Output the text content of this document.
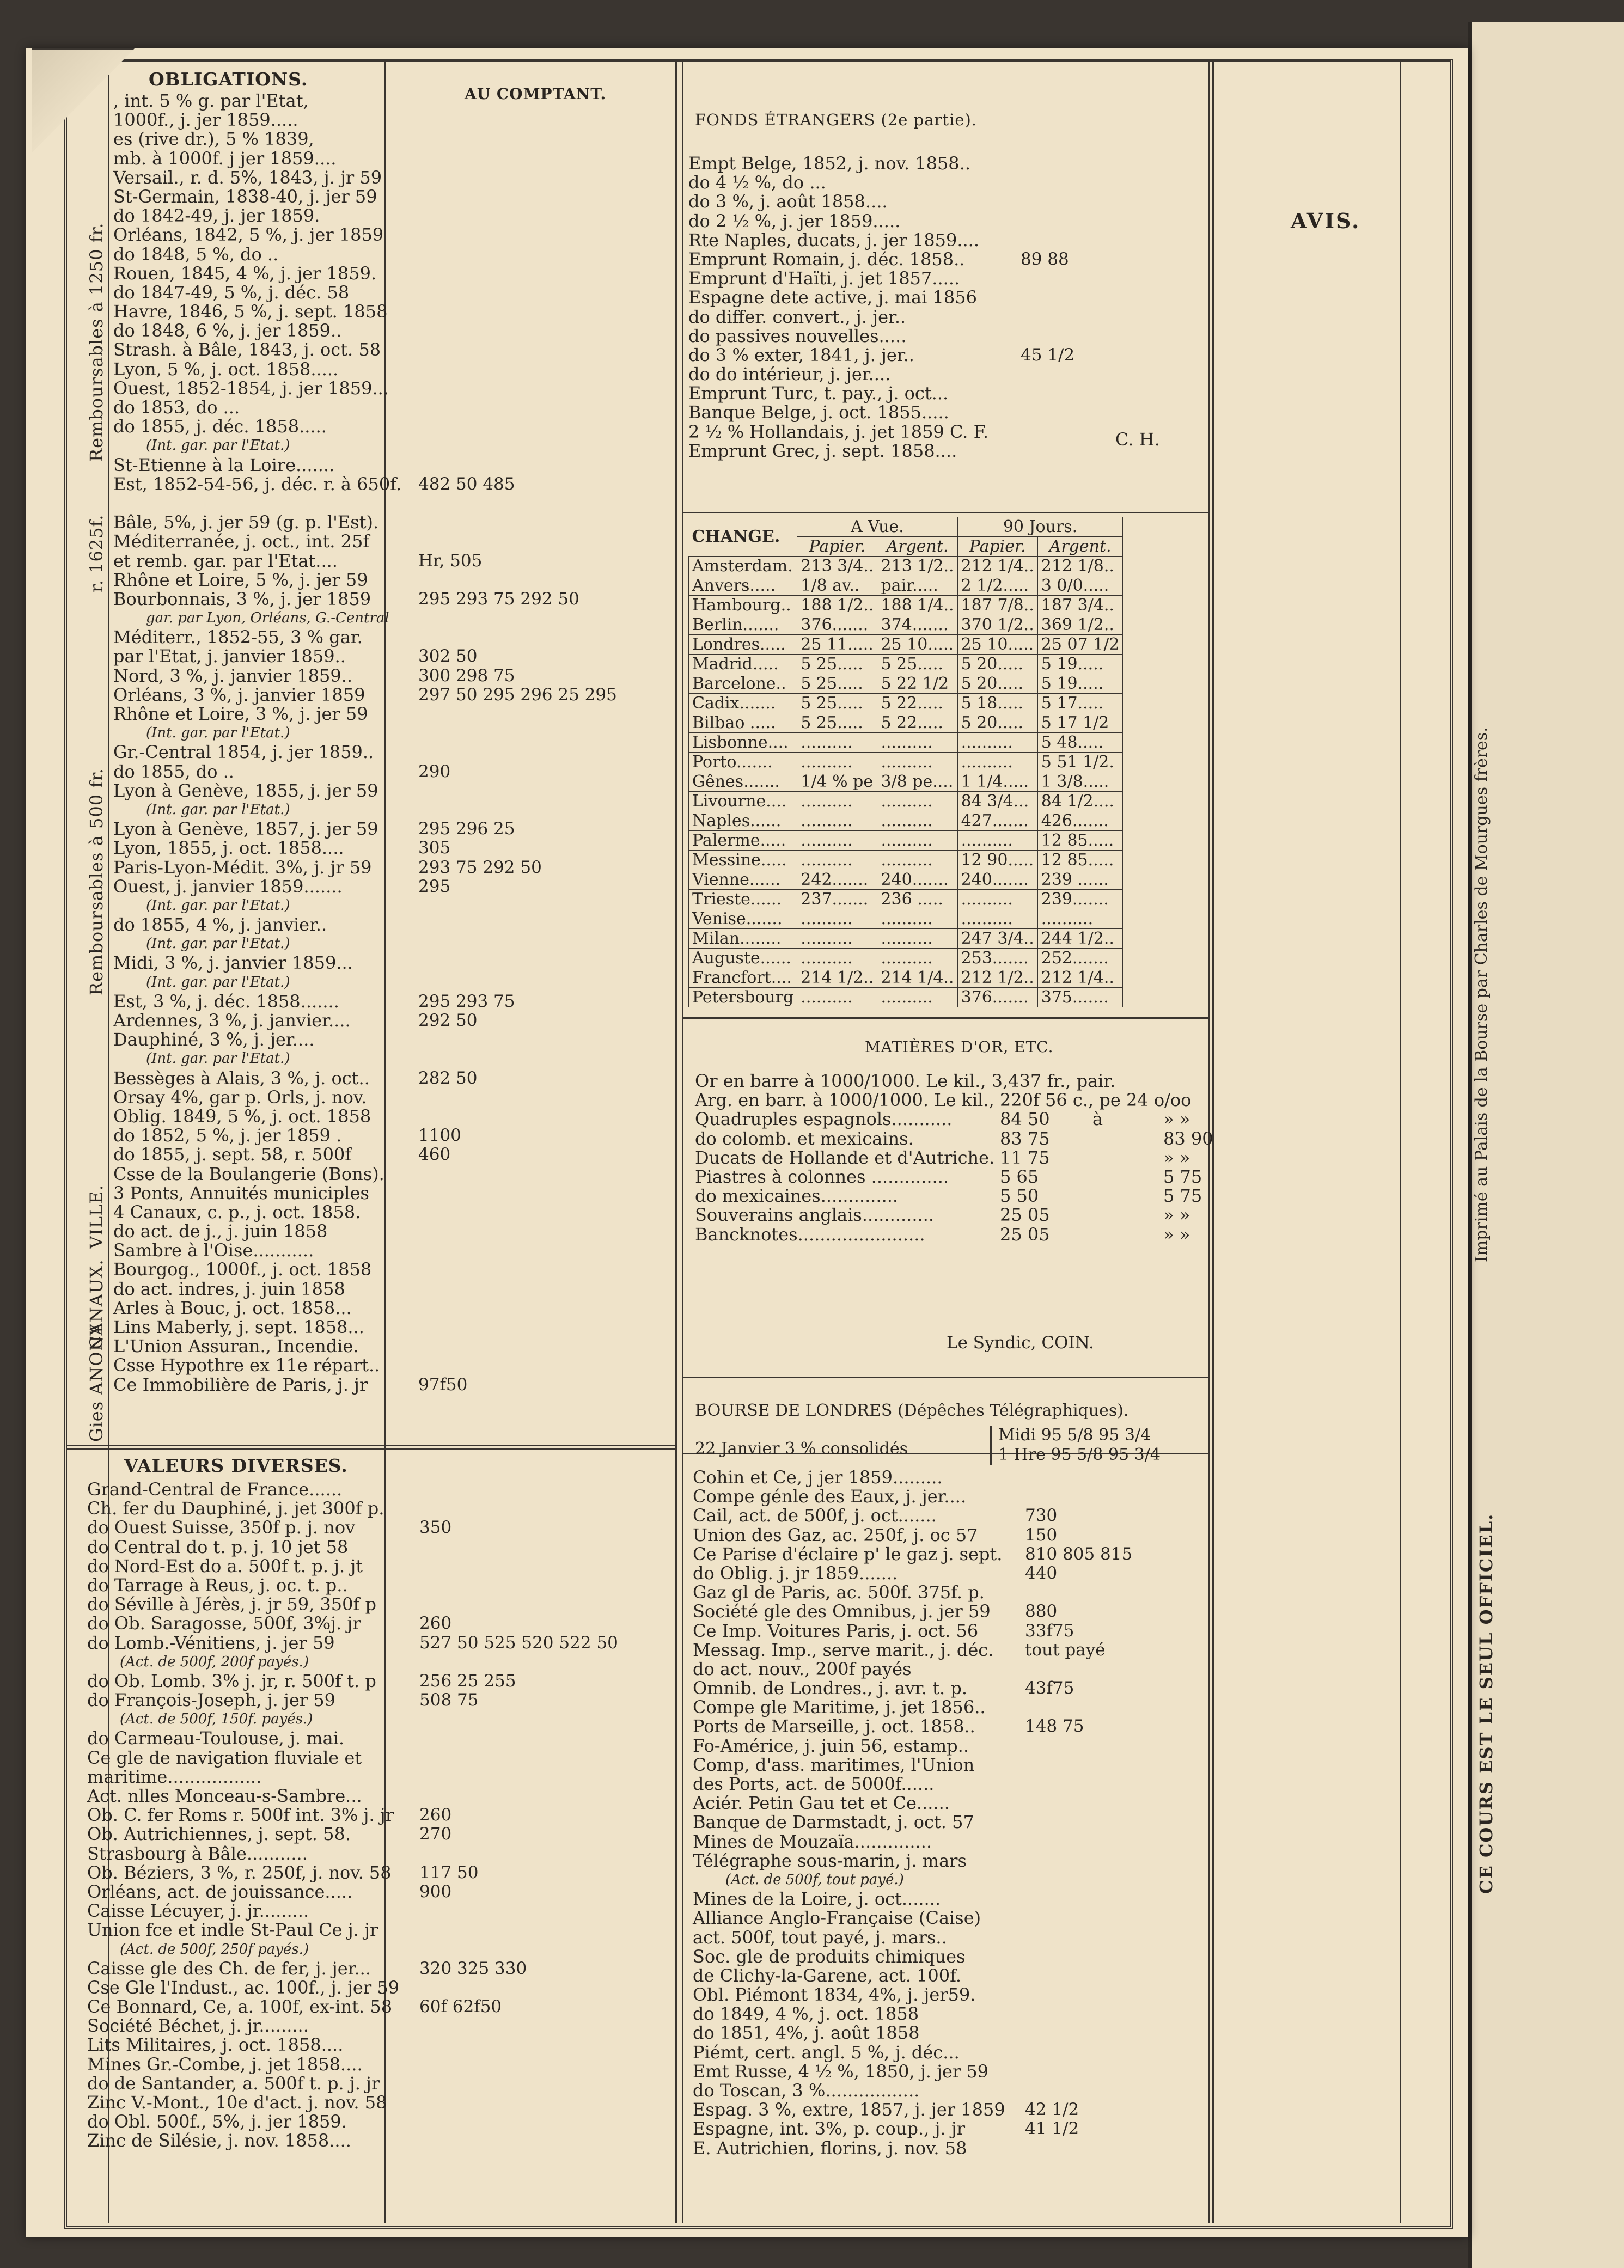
Remboursables à 1250 fr.
r. 1625f.
Remboursables à 500 fr.
VILLE.
CANAUX.
Gies ANONY
OBLIGATIONS.
AU COMPTANT.
, int. 5 % g. par l'Etat,
1000f., j. jer 1859.....
es (rive dr.), 5 % 1839,
mb. à 1000f. j jer 1859....
Versail., r. d. 5%, 1843, j. jr 59
St-Germain, 1838-40, j. jer 59
do 1842-49, j. jer 1859.
Orléans, 1842, 5 %, j. jer 1859
do 1848, 5 %, do ..
Rouen, 1845, 4 %, j. jer 1859.
do 1847-49, 5 %, j. déc. 58
Havre, 1846, 5 %, j. sept. 1858
do 1848, 6 %, j. jer 1859..
Strash. à Bâle, 1843, j. oct. 58
Lyon, 5 %, j. oct. 1858.....
Ouest, 1852-1854, j. jer 1859...
do 1853, do ...
do 1855, j. déc. 1858.....
(Int. gar. par l'Etat.)
St-Etienne à la Loire.......
Est, 1852-54-56, j. déc. r. à 650f. 482 50 485
Bâle, 5%, j. jer 59 (g. p. l'Est).
Méditerranée, j. oct., int. 25f
et remb. gar. par l'Etat....	Hr, 505
Rhône et Loire, 5 %, j. jer 59
Bourbonnais, 3 %, j. jer 1859	295 293 75 292 50
gar. par Lyon, Orléans, G.-Central
Méditerr., 1852-55, 3 % gar.
par l'Etat, j. janvier 1859..	302 50
Nord, 3 %, j. janvier 1859..	300 298 75
Orléans, 3 %, j. janvier 1859	297 50 295 296 25 295
Rhône et Loire, 3 %, j. jer 59
(Int. gar. par l'Etat.)
Gr.-Central 1854, j. jer 1859..
do 1855, do ..	290
Lyon à Genève, 1855, j. jer 59
(Int. gar. par l'Etat.)
Lyon à Genève, 1857, j. jer 59	295 296 25
Lyon, 1855, j. oct. 1858....	305
Paris-Lyon-Médit. 3%, j. jr 59	293 75 292 50
Ouest, j. janvier 1859.......	295
(Int. gar. par l'Etat.)
do 1855, 4 %, j. janvier..
(Int. gar. par l'Etat.)
Midi, 3 %, j. janvier 1859...
(Int. gar. par l'Etat.)
Est, 3 %, j. déc. 1858.......	295 293 75
Ardennes, 3 %, j. janvier....	292 50
Dauphiné, 3 %, j. jer....
(Int. gar. par l'Etat.)
Bessèges à Alais, 3 %, j. oct..	282 50
Orsay 4%, gar p. Orls, j. nov.
Oblig. 1849, 5 %, j. oct. 1858
do 1852, 5 %, j. jer 1859 .	1100
do 1855, j. sept. 58, r. 500f	460
Csse de la Boulangerie (Bons).
3 Ponts, Annuités municiples
4 Canaux, c. p., j. oct. 1858.
do act. de j., j. juin 1858
Sambre à l'Oise...........
Bourgog., 1000f., j. oct. 1858
do act. indres, j. juin 1858
Arles à Bouc, j. oct. 1858...
Lins Maberly, j. sept. 1858...
L'Union Assuran., Incendie.
Csse Hypothre ex 11e répart..
Ce Immobilière de Paris, j. jr	97f50
VALEURS DIVERSES.
Grand-Central de France......
Ch. fer du Dauphiné, j. jet 300f p.
do Ouest Suisse, 350f p. j. nov	350
do Central do t. p. j. 10 jet 58
do Nord-Est do a. 500f t. p. j. jt
do Tarrage à Reus, j. oc. t. p..
do Séville à Jérès, j. jr 59, 350f p
do Ob. Saragosse, 500f, 3%j. jr	260
do Lomb.-Vénitiens, j. jer 59	527 50 525 520 522 50
(Act. de 500f, 200f payés.)
do Ob. Lomb. 3% j. jr, r. 500f t. p	256 25 255
do François-Joseph, j. jer 59	508 75
(Act. de 500f, 150f. payés.)
do Carmeau-Toulouse, j. mai.
Ce gle de navigation fluviale et
maritime.................
Act. nlles Monceau-s-Sambre...
Ob. C. fer Roms r. 500f int. 3% j. jr	260
Ob. Autrichiennes, j. sept. 58.	270
Strasbourg à Bâle...........
Ob. Béziers, 3 %, r. 250f, j. nov. 58	117 50
Orléans, act. de jouissance.....	900
Caisse Lécuyer, j. jr.........
Union fce et indle St-Paul Ce j. jr
(Act. de 500f, 250f payés.)
Caisse gle des Ch. de fer, j. jer...	320 325 330
Cse Gle l'Indust., ac. 100f., j. jer 59
Ce Bonnard, Ce, a. 100f, ex-int. 58	60f 62f50
Société Béchet, j. jr.........
Lits Militaires, j. oct. 1858....
Mines Gr.-Combe, j. jet 1858....
do de Santander, a. 500f t. p. j. jr
Zinc V.-Mont., 10e d'act. j. nov. 58
do Obl. 500f., 5%, j. jer 1859.
Zinc de Silésie, j. nov. 1858....
FONDS ÉTRANGERS (2e partie).
Empt Belge, 1852, j. nov. 1858..
do 4 ½ %, do ...
do 3 %, j. août 1858....
do 2 ½ %, j. jer 1859.....
Rte Naples, ducats, j. jer 1859....
Emprunt Romain, j. déc. 1858..	89 88
Emprunt d'Haïti, j. jet 1857.....
Espagne dete active, j. mai 1856
do differ. convert., j. jer..
do passives nouvelles.....
do 3 % exter, 1841, j. jer..	45 1/2
do do intérieur, j. jer....
Emprunt Turc, t. pay., j. oct...
Banque Belge, j. oct. 1855.....
2 ½ % Hollandais, j. jet 1859 C. F.
Emprunt Grec, j. sept. 1858....
C. H.
CHANGE.	A Vue.		90 Jours.	
	Papier.	Argent.	Papier.	Argent.
Amsterdam.	213 3/4..	213 1/2..	212 1/4..	212 1/8..
Anvers.....	1/8 av..	pair.....	2 1/2.....	3 0/0.....
Hambourg..	188 1/2..	188 1/4..	187 7/8..	187 3/4..
Berlin.......	376.......	374.......	370 1/2..	369 1/2..
Londres.....	25 11.....	25 10.....	25 10.....	25 07 1/2
Madrid.....	5 25.....	5 25.....	5 20.....	5 19.....
Barcelone..	5 25.....	5 22 1/2	5 20.....	5 19.....
Cadix.......	5 25.....	5 22.....	5 18.....	5 17.....
Bilbao .....	5 25.....	5 22.....	5 20.....	5 17 1/2
Lisbonne....	..........	..........	..........	5 48.....
Porto.......	..........	..........	..........	5 51 1/2.
Gênes.......	1/4 % pe	3/8 pe....	1 1/4.....	1 3/8.....
Livourne....	..........	..........	84 3/4...	84 1/2....
Naples......	..........	..........	427.......	426.......
Palerme.....	..........	..........	..........	12 85.....
Messine.....	..........	..........	12 90.....	12 85.....
Vienne......	242.......	240.......	240.......	239 ......
Trieste......	237.......	236 .....	..........	239.......
Venise.......	..........	..........	..........	..........
Milan........	..........	..........	247 3/4..	244 1/2..
Auguste......	..........	..........	253.......	252.......
Francfort....	214 1/2..	214 1/4..	212 1/2..	212 1/4..
Petersbourg	..........	..........	376.......	375.......
MATIÈRES D'OR, ETC.
Or en barre à 1000/1000. Le kil., 3,437 fr., pair.
Arg. en barr. à 1000/1000. Le kil., 220f 56 c., pe 24 o/oo
Quadruples espagnols...........	84 50 à	» »
do colomb. et mexicains.	83 75	83 90
Ducats de Hollande et d'Autriche. 11 75	» »
Piastres à colonnes ..............	5 65	5 75
do mexicaines..............	5 50	5 75
Souverains anglais.............	25 05	» »
Bancknotes.......................	25 05	» »
Le Syndic, COIN.
BOURSE DE LONDRES (Dépêches Télégraphiques).
22 Janvier 3 % consolidés
Midi 95 5/8 95 3/4
1 Hre 95 5/8 95 3/4
Cohin et Ce, j jer 1859.........
Compe génle des Eaux, j. jer....
Cail, act. de 500f, j. oct.......	730
Union des Gaz, ac. 250f, j. oc 57	150
Ce Parise d'éclaire p' le gaz j. sept.	810 805 815
do Oblig. j. jr 1859.......	440
Gaz gl de Paris, ac. 500f. 375f. p.
Société gle des Omnibus, j. jer 59	880
Ce Imp. Voitures Paris, j. oct. 56	33f75
Messag. Imp., serve marit., j. déc.	tout payé
do act. nouv., 200f payés
Omnib. de Londres., j. avr. t. p.	43f75
Compe gle Maritime, j. jet 1856..
Ports de Marseille, j. oct. 1858..	148 75
Fo-Américe, j. juin 56, estamp..
Comp, d'ass. maritimes, l'Union
des Ports, act. de 5000f......
Aciér. Petin Gau tet et Ce......
Banque de Darmstadt, j. oct. 57
Mines de Mouzaïa..............
Télégraphe sous-marin, j. mars
(Act. de 500f, tout payé.)
Mines de la Loire, j. oct.......
Alliance Anglo-Française (Caise)
act. 500f, tout payé, j. mars..
Soc. gle de produits chimiques
de Clichy-la-Garene, act. 100f.
Obl. Piémont 1834, 4%, j. jer59.
do 1849, 4 %, j. oct. 1858
do 1851, 4%, j. août 1858
Piémt, cert. angl. 5 %, j. déc...
Emt Russe, 4 ½ %, 1850, j. jer 59
do Toscan, 3 %.................
Espag. 3 %, extre, 1857, j. jer 1859	42 1/2
Espagne, int. 3%, p. coup., j. jr	41 1/2
E. Autrichien, florins, j. nov. 58
AVIS.
Imprimé au Palais de la Bourse par Charles de Mourgues frères.
CE COURS EST LE SEUL OFFICIEL.
